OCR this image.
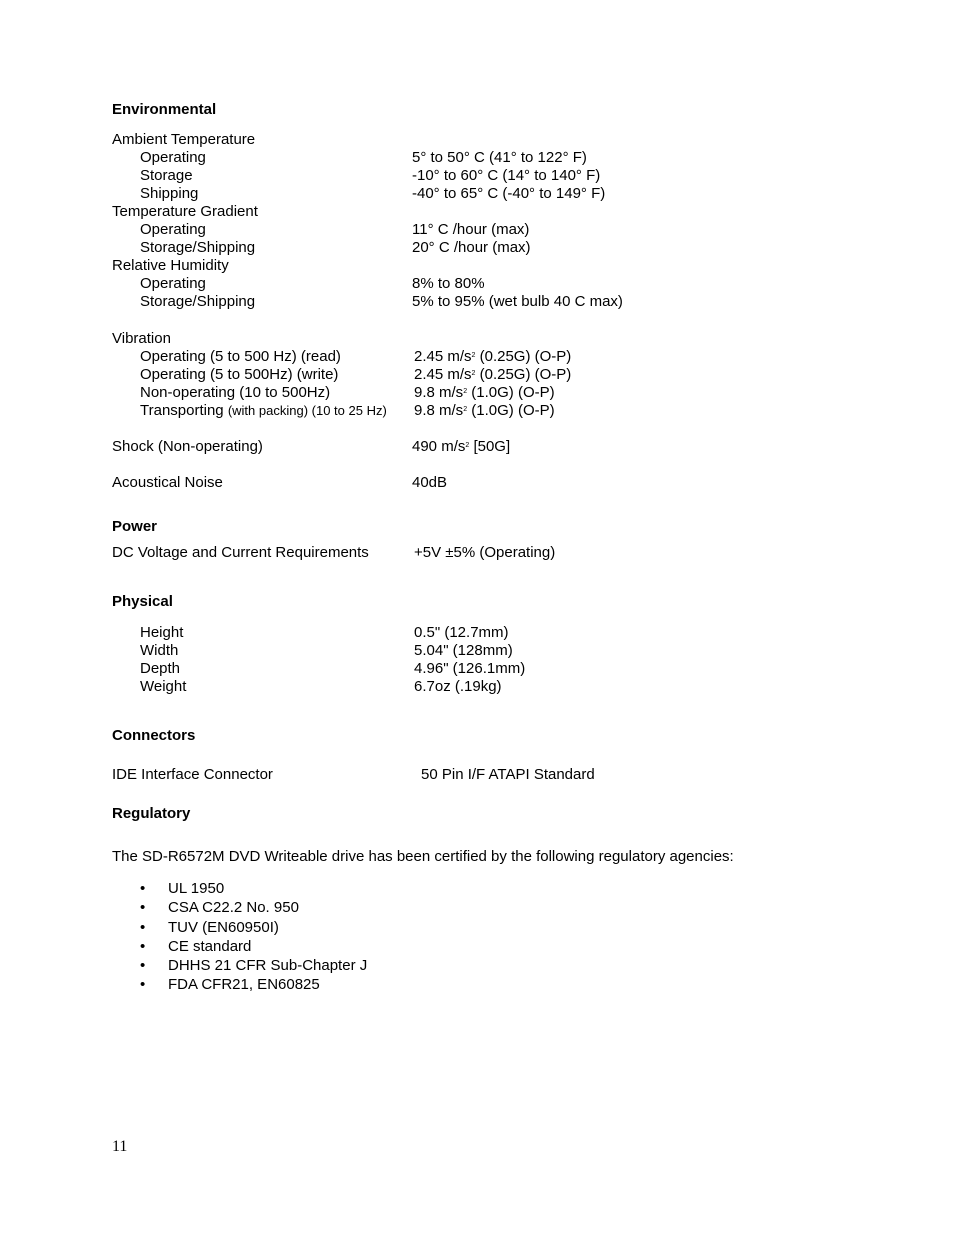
Environmental
Ambient Temperature
Operating	5° to 50° C (41° to 122° F)
Storage	-10° to 60° C (14° to 140° F)
Shipping	-40° to 65° C (-40° to 149° F)
Temperature Gradient
Operating	11° C /hour (max)
Storage/Shipping	20° C /hour (max)
Relative Humidity
Operating	8% to 80%
Storage/Shipping	5% to 95% (wet bulb 40 C max)
Vibration
Operating (5 to 500 Hz) (read)	2.45 $m/s^2$ (0.25G) (O-P)
Operating (5 to 500Hz) (write)	2.45 $m/s^2$ (0.25G) (O-P)
Non-operating (10 to 500Hz)	9.8 $m/s^2$ (1.0G) (O-P)
Transporting (with packing) (10 to 25 Hz) 9.8 $m/s^2$ (1.0G) (O-P)
Shock (Non-operating)	490 $m/s^2$ [50G]
Acoustical Noise	40dB
Power
DC Voltage and Current Requirements	+5V ±5% (Operating)
Physical
Height	0.5" (12.7mm)
Width	5.04" (128mm)
Depth	4.96" (126.1mm)
Weight	6.7oz (.19kg)
Connectors
IDE Interface Connector	50 Pin I/F ATAPI Standard
Regulatory
The SD-R6572M DVD Writeable drive has been certified by the following regulatory agencies:
• UL 1950
• CSA C22.2 No. 950
• TUV (EN60950I)
• CE standard
• DHHS 21 CFR Sub-Chapter J
• FDA CFR21, EN60825
11
